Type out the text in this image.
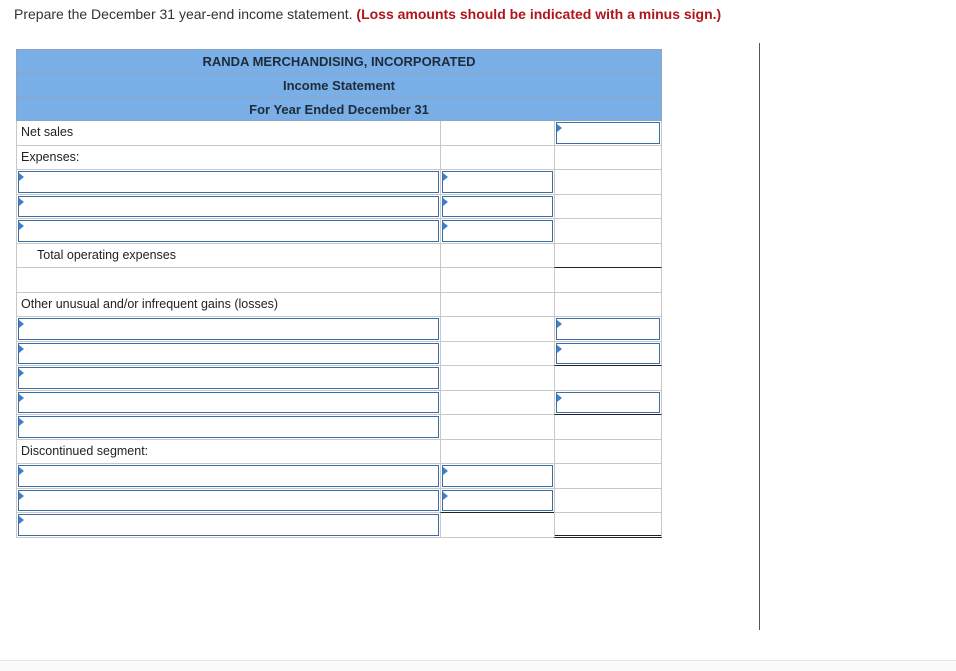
Prepare the December 31 year-end income statement. (Loss amounts should be indicated with a minus sign.)
RANDA MERCHANDISING, INCORPORATED
Income Statement
For Year Ended December 31
Net sales
Expenses:
Total operating expenses
Other unusual and/or infrequent gains (losses)
Discontinued segment:
